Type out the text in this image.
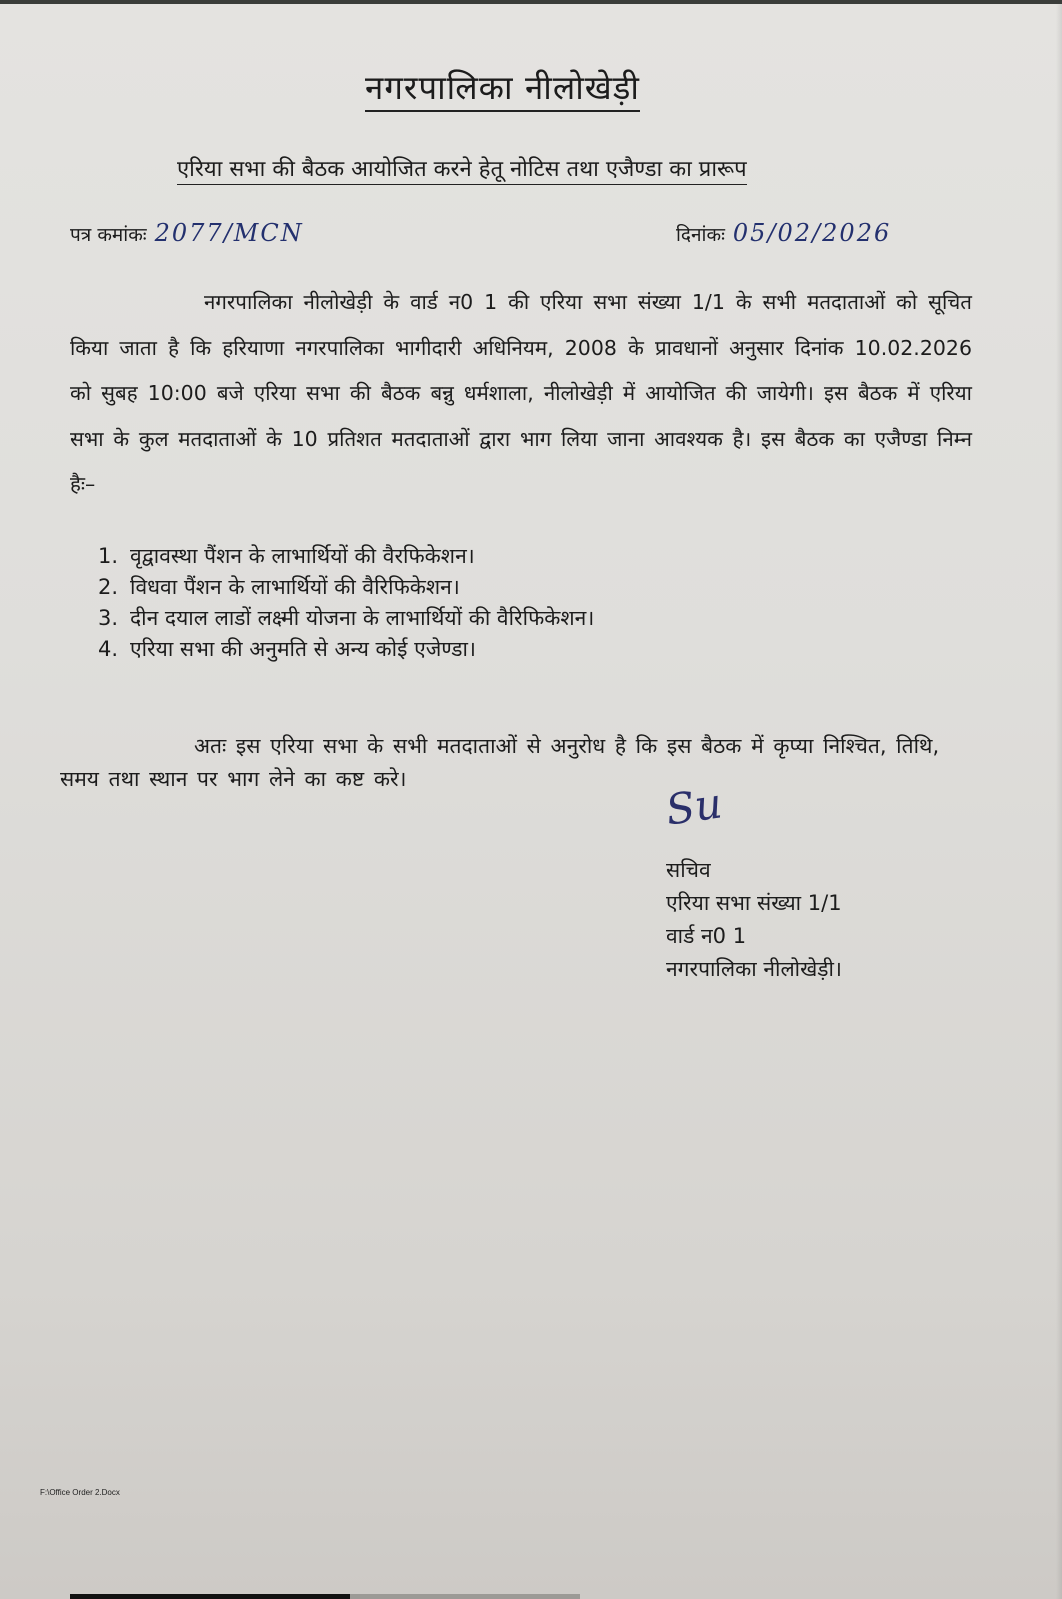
नगरपालिका नीलोखेड़ी
एरिया सभा की बैठक आयोजित करने हेतू नोटिस तथा एजैण्डा का प्रारूप
पत्र कमांकः 2077/MCN	दिनांकः 05/02/2026

नगरपालिका नीलोखेड़ी के वार्ड न0 1 की एरिया सभा संख्या 1/1 के सभी मतदाताओं को सूचित किया जाता है कि हरियाणा नगरपालिका भागीदारी अधिनियम, 2008 के प्रावधानों अनुसार दिनांक 10.02.2026 को सुबह 10:00 बजे एरिया सभा की बैठक बन्नु धर्मशाला, नीलोखेड़ी में आयोजित की जायेगी। इस बैठक में एरिया सभा के कुल मतदाताओं के 10 प्रतिशत मतदाताओं द्वारा भाग लिया जाना आवश्यक है। इस बैठक का एजैण्डा निम्न हैः–

1. वृद्वावस्था पैंशन के लाभार्थियों की वैरफिकेशन।
2. विधवा पैंशन के लाभार्थियों की वैरिफिकेशन।
3. दीन दयाल लाडों लक्ष्मी योजना के लाभार्थियों की वैरिफिकेशन।
4. एरिया सभा की अनुमति से अन्य कोई एजेण्डा।

अतः इस एरिया सभा के सभी मतदाताओं से अनुरोध है कि इस बैठक में कृप्या निश्चित, तिथि, समय तथा स्थान पर भाग लेने का कष्ट करे।	Su
सचिव
एरिया सभा संख्या 1/1
वार्ड न0 1
नगरपालिका नीलोखेड़ी।
F:\Office Order 2.Docx
